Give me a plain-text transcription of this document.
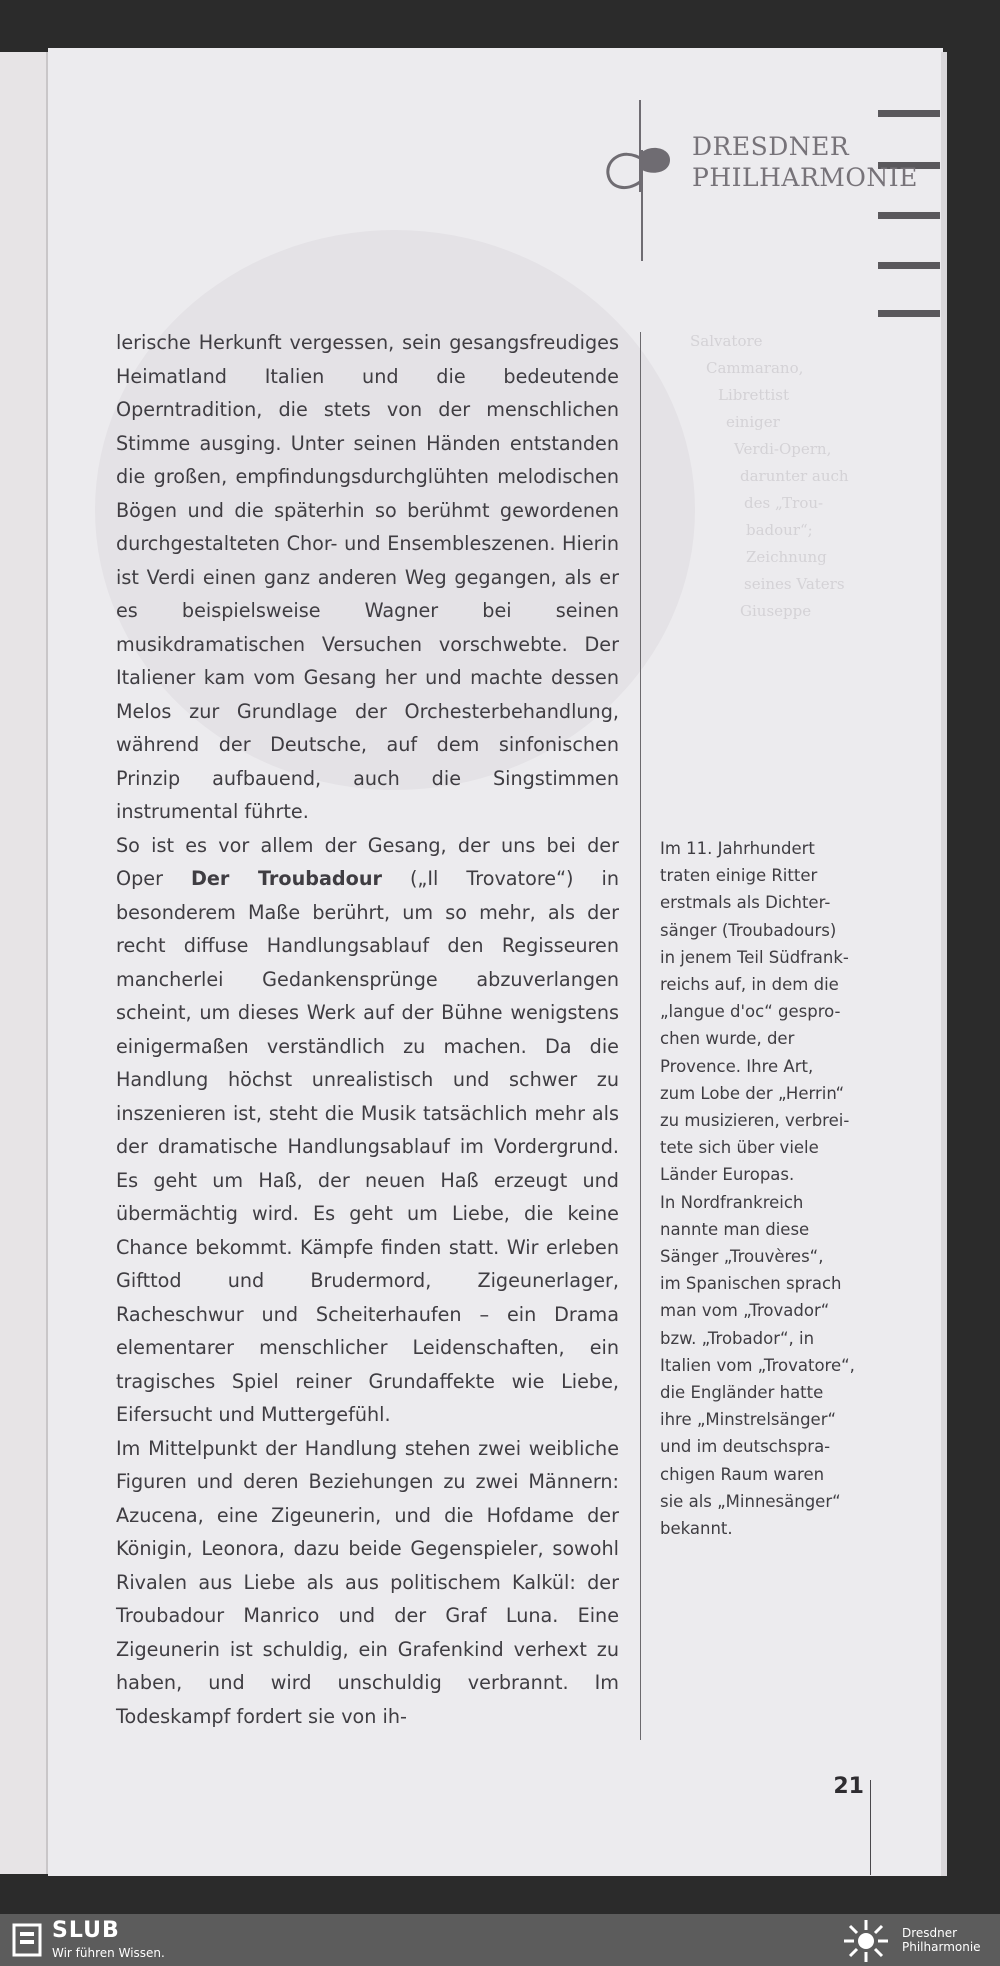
DRESDNER
PHILHARMONIE

lerische Herkunft vergessen, sein gesangsfreudiges Heimatland Italien und die bedeutende Operntradition, die stets von der menschlichen Stimme ausging. Unter seinen Händen entstanden die großen, empfindungsdurchglühten melodischen Bögen und die späterhin so berühmt gewordenen durchgestalteten Chor- und Ensembleszenen. Hierin ist Verdi einen ganz anderen Weg gegangen, als er es beispielsweise Wagner bei seinen musikdramatischen Versuchen vorschwebte. Der Italiener kam vom Gesang her und machte dessen Melos zur Grundlage der Orchesterbehandlung, während der Deutsche, auf dem sinfonischen Prinzip aufbauend, auch die Singstimmen instrumental führte.

So ist es vor allem der Gesang, der uns bei der Oper Der Troubadour („Il Trovatore“) in besonderem Maße berührt, um so mehr, als der recht diffuse Handlungsablauf den Regisseuren mancherlei Gedankensprünge abzuverlangen scheint, um dieses Werk auf der Bühne wenigstens einigermaßen verständlich zu machen. Da die Handlung höchst unrealistisch und schwer zu inszenieren ist, steht die Musik tatsächlich mehr als der dramatische Handlungsablauf im Vordergrund. Es geht um Haß, der neuen Haß erzeugt und übermächtig wird. Es geht um Liebe, die keine Chance bekommt. Kämpfe finden statt. Wir erleben Gifttod und Brudermord, Zigeunerlager, Racheschwur und Scheiterhaufen – ein Drama elementarer menschlicher Leidenschaften, ein tragisches Spiel reiner Grundaffekte wie Liebe, Eifersucht und Muttergefühl.

Im Mittelpunkt der Handlung stehen zwei weibliche Figuren und deren Beziehungen zu zwei Männern: Azucena, eine Zigeunerin, und die Hofdame der Königin, Leonora, dazu beide Gegenspieler, sowohl Rivalen aus Liebe als aus politischem Kalkül: der Troubadour Manrico und der Graf Luna. Eine Zigeunerin ist schuldig, ein Grafenkind verhext zu haben, und wird unschuldig verbrannt. Im Todeskampf fordert sie von ih-

Salvatore
Cammarano,
Librettist
einiger
Verdi-Opern,
darunter auch
des „Trou-
badour“;
Zeichnung
seines Vaters
Giuseppe
Im 11. Jahrhundert
traten einige Ritter
erstmals als Dichter-
sänger (Troubadours)
in jenem Teil Südfrank-
reichs auf, in dem die
„langue d'oc“ gespro-
chen wurde, der
Provence. Ihre Art,
zum Lobe der „Herrin“
zu musizieren, verbrei-
tete sich über viele
Länder Europas.
In Nordfrankreich
nannte man diese
Sänger „Trouvères“,
im Spanischen sprach
man vom „Trovador“
bzw. „Trobador“, in
Italien vom „Trovatore“,
die Engländer hatte
ihre „Minstrelsänger“
und im deutschspra-
chigen Raum waren
sie als „Minnesänger“
bekannt.
21
SLUB
Wir führen Wissen.
Dresdner
Philharmonie
